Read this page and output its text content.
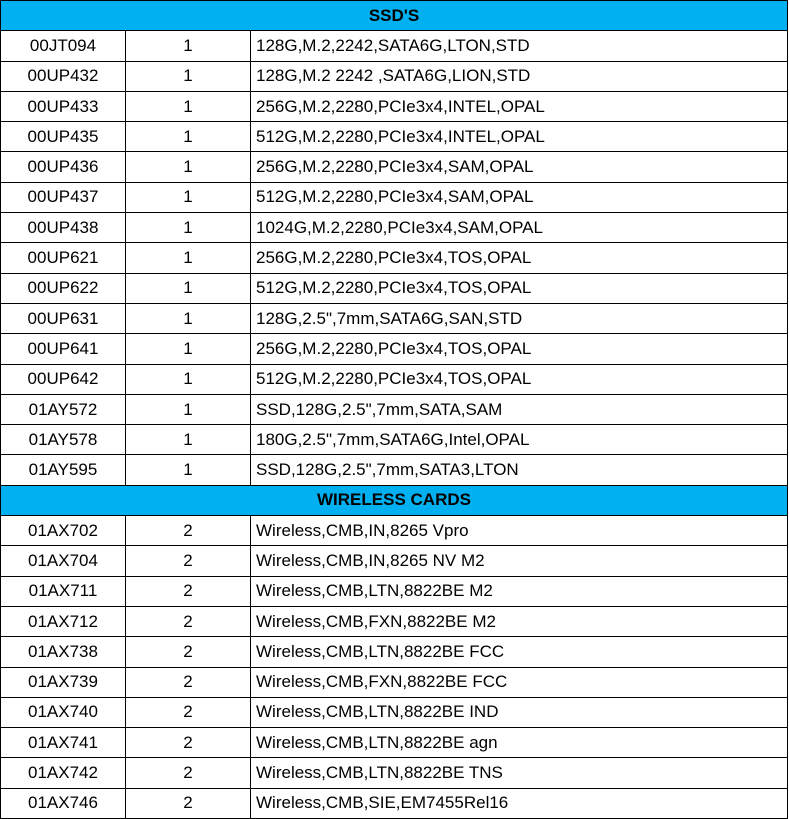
SSD'S		
00JT094	1	128G,M.2,2242,SATA6G,LTON,STD
00UP432	1	128G,M.2 2242 ,SATA6G,LION,STD
00UP433	1	256G,M.2,2280,PCIe3x4,INTEL,OPAL
00UP435	1	512G,M.2,2280,PCIe3x4,INTEL,OPAL
00UP436	1	256G,M.2,2280,PCIe3x4,SAM,OPAL
00UP437	1	512G,M.2,2280,PCIe3x4,SAM,OPAL
00UP438	1	1024G,M.2,2280,PCIe3x4,SAM,OPAL
00UP621	1	256G,M.2,2280,PCIe3x4,TOS,OPAL
00UP622	1	512G,M.2,2280,PCIe3x4,TOS,OPAL
00UP631	1	128G,2.5",7mm,SATA6G,SAN,STD
00UP641	1	256G,M.2,2280,PCIe3x4,TOS,OPAL
00UP642	1	512G,M.2,2280,PCIe3x4,TOS,OPAL
01AY572	1	SSD,128G,2.5",7mm,SATA,SAM
01AY578	1	180G,2.5",7mm,SATA6G,Intel,OPAL
01AY595	1	SSD,128G,2.5",7mm,SATA3,LTON
WIRELESS CARDS		
01AX702	2	Wireless,CMB,IN,8265 Vpro
01AX704	2	Wireless,CMB,IN,8265 NV M2
01AX711	2	Wireless,CMB,LTN,8822BE M2
01AX712	2	Wireless,CMB,FXN,8822BE M2
01AX738	2	Wireless,CMB,LTN,8822BE FCC
01AX739	2	Wireless,CMB,FXN,8822BE FCC
01AX740	2	Wireless,CMB,LTN,8822BE IND
01AX741	2	Wireless,CMB,LTN,8822BE agn
01AX742	2	Wireless,CMB,LTN,8822BE TNS
01AX746	2	Wireless,CMB,SIE,EM7455Rel16
